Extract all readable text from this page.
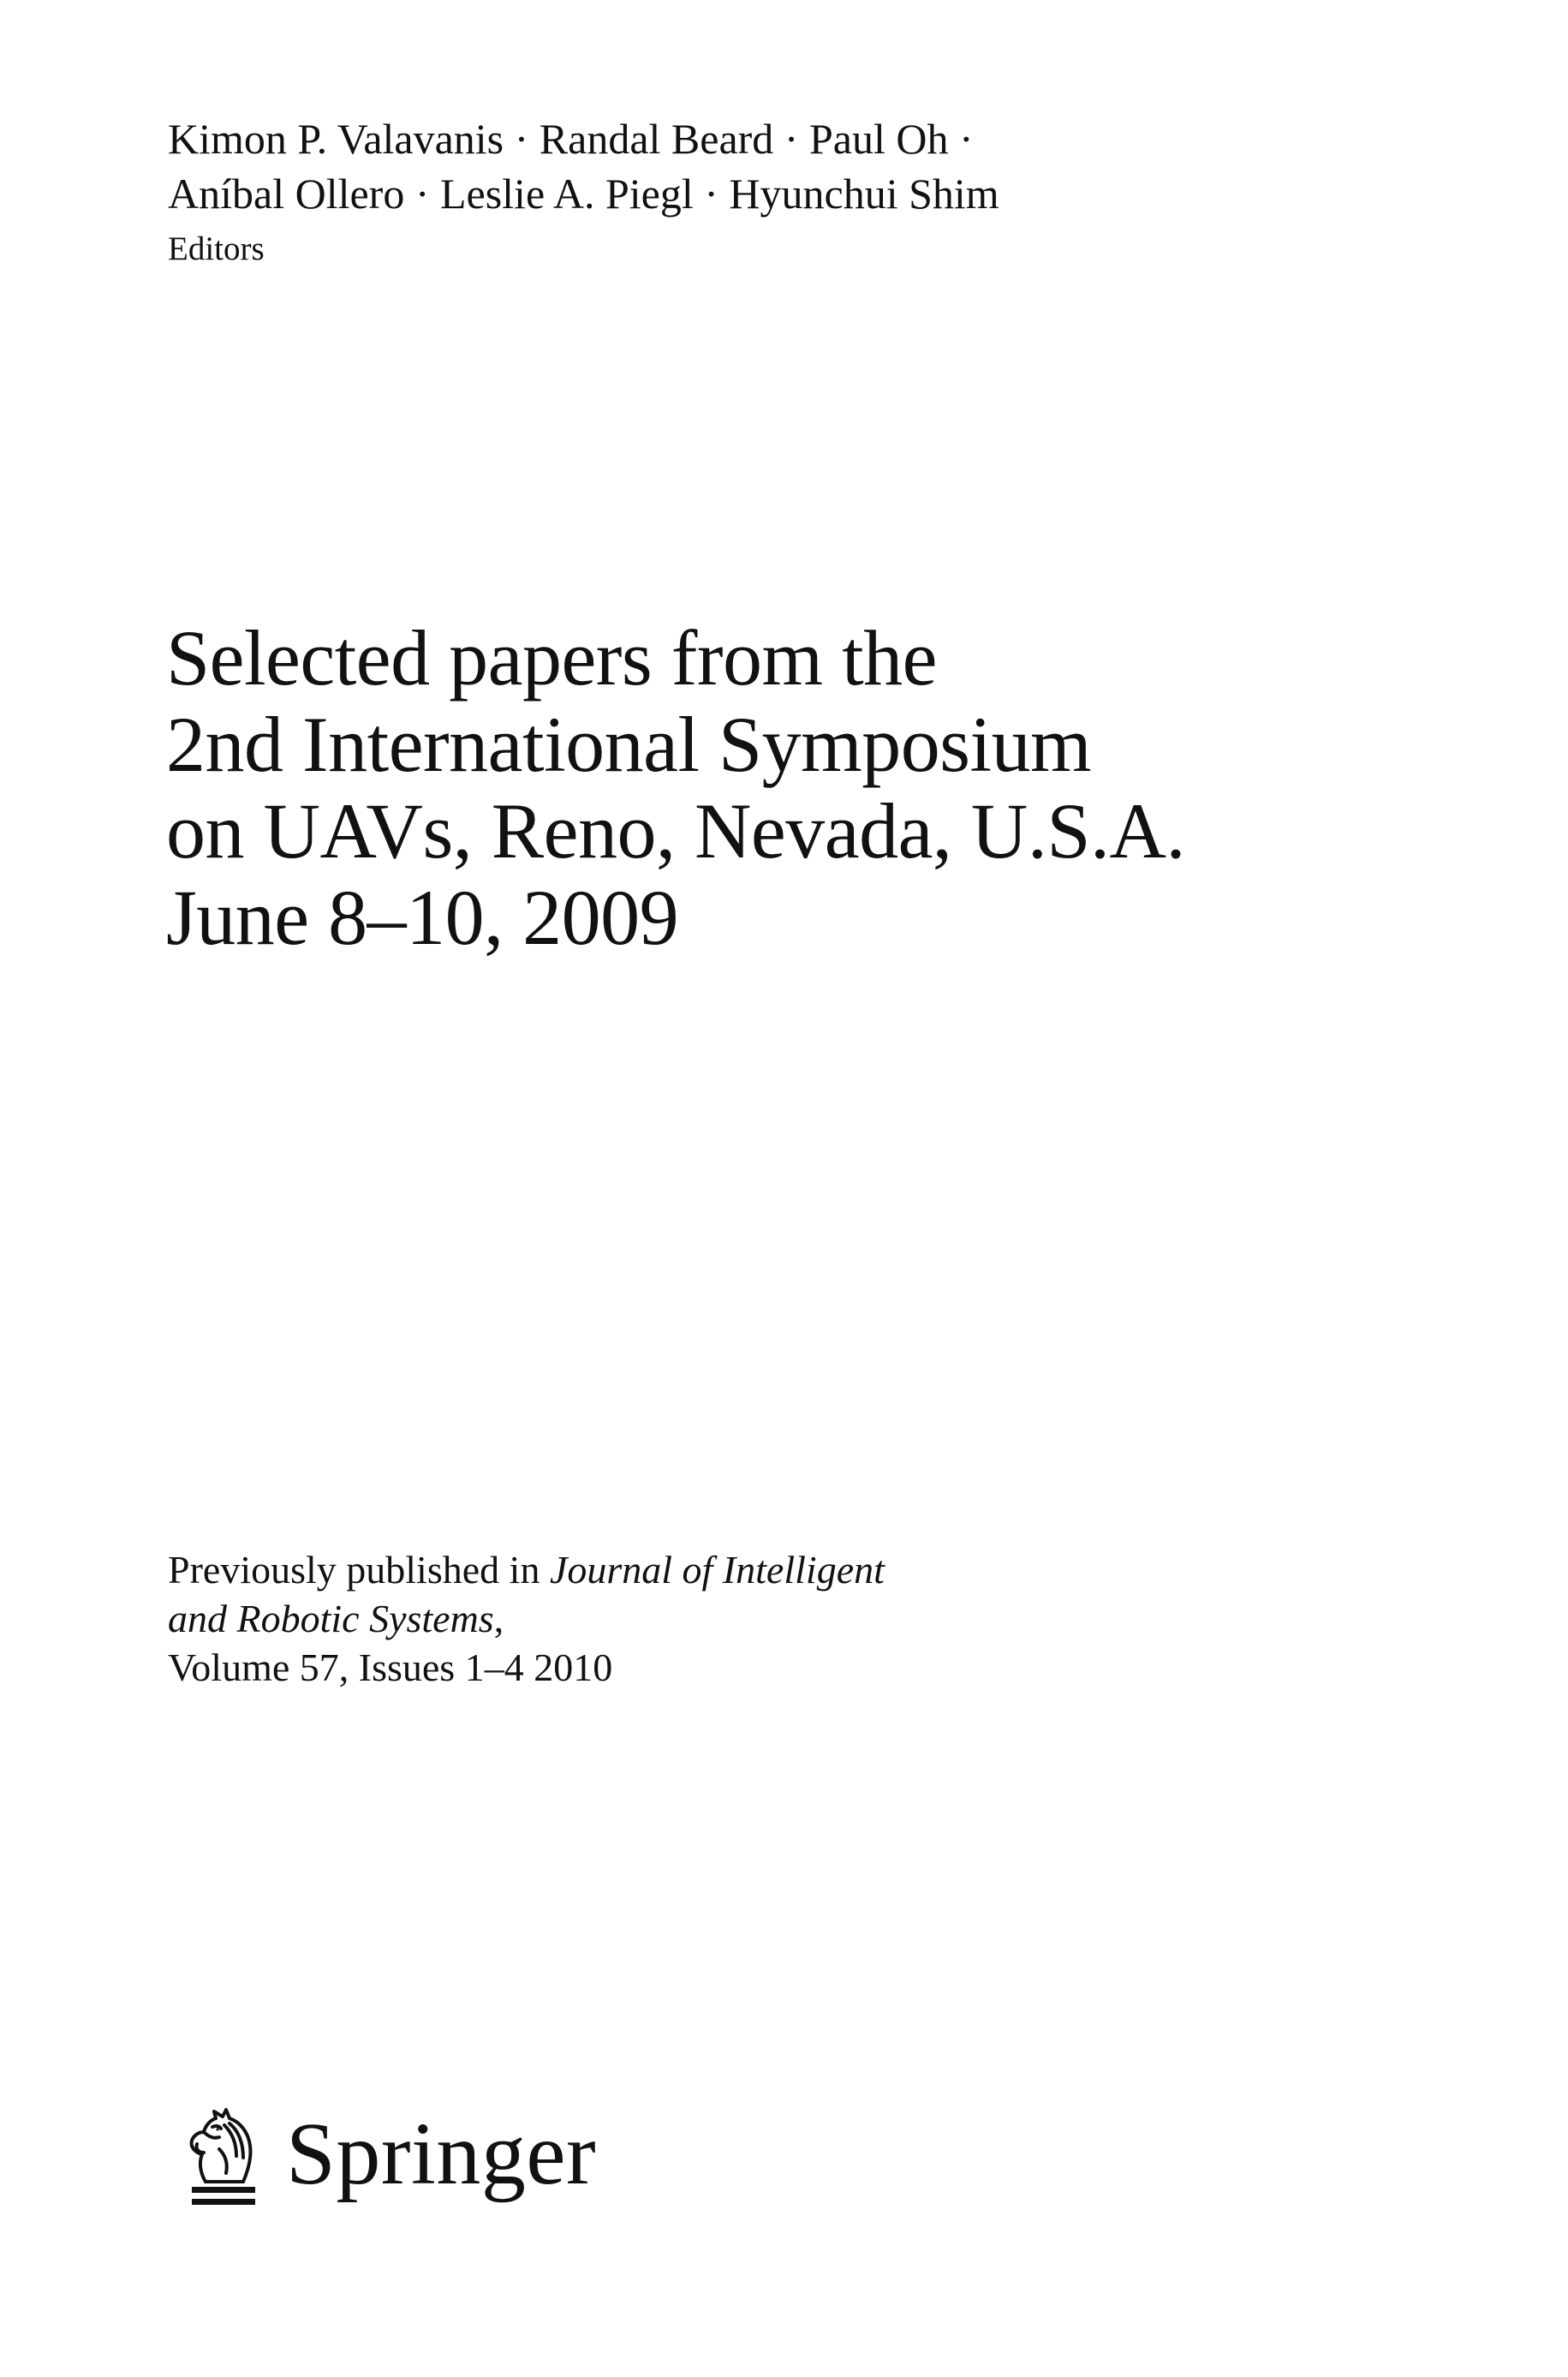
Kimon P. Valavanis · Randal Beard · Paul Oh ·
Aníbal Ollero · Leslie A. Piegl · Hyunchui Shim
Editors
Selected papers from the
2nd International Symposium
on UAVs, Reno, Nevada, U.S.A.
June 8–10, 2009
Previously published in Journal of Intelligent
and Robotic Systems,
Volume 57, Issues 1–4 2010
Springer
